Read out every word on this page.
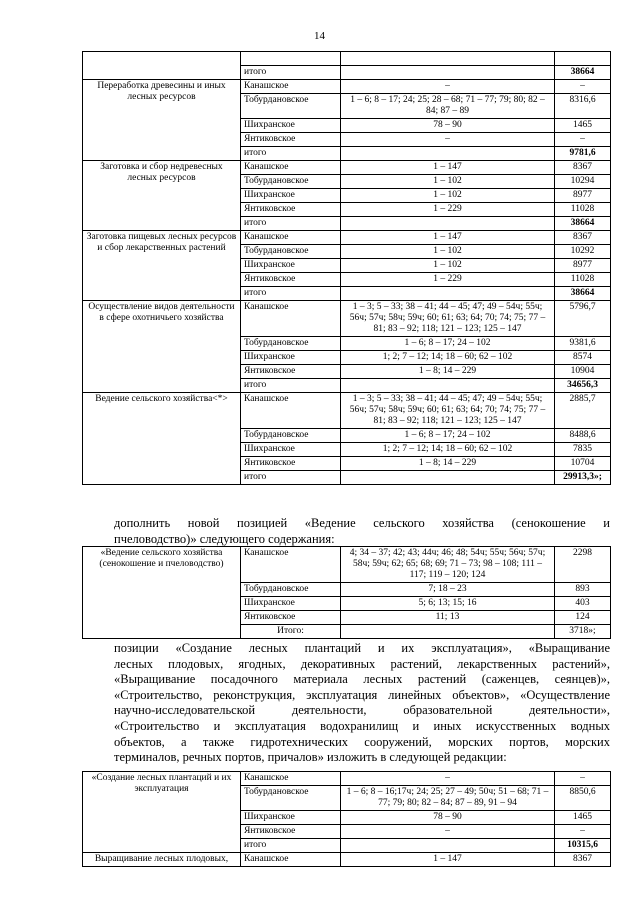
14

	итого		38664
Переработка древесины и иных лесных ресурсов	Канашское	–	–
	Тобурдановское	1 – 6; 8 – 17; 24; 25; 28 – 68; 71 – 77; 79; 80; 82 – 84; 87 – 89	8316,6
	Шихранское	78 – 90	1465
	Янтиковское	–	–
	итого		9781,6
Заготовка и сбор недревесных лесных ресурсов	Канашское	1 – 147	8367
	Тобурдановское	1 – 102	10294
	Шихранское	1 – 102	8977
	Янтиковское	1 – 229	11028
	итого		38664
Заготовка пищевых лесных ресурсов и сбор лекарственных растений	Канашское	1 – 147	8367
	Тобурдановское	1 – 102	10292
	Шихранское	1 – 102	8977
	Янтиковское	1 – 229	11028
	итого		38664
Осуществление видов деятельности в сфере охотничьего хозяйства	Канашское	1 – 3; 5 – 33; 38 – 41; 44 – 45; 47; 49 – 54ч; 55ч; 56ч; 57ч; 58ч; 59ч; 60; 61; 63; 64; 70; 74; 75; 77 – 81; 83 – 92; 118; 121 – 123; 125 – 147	5796,7
	Тобурдановское	1 – 6; 8 – 17; 24 – 102	9381,6
	Шихранское	1; 2; 7 – 12; 14; 18 – 60; 62 – 102	8574
	Янтиковское	1 – 8; 14 – 229	10904
	итого		34656,3
Ведение сельского хозяйства<*>	Канашское	1 – 3; 5 – 33; 38 – 41; 44 – 45; 47; 49 – 54ч; 55ч; 56ч; 57ч; 58ч; 59ч; 60; 61; 63; 64; 70; 74; 75; 77 – 81; 83 – 92; 118; 121 – 123; 125 – 147	2885,7
	Тобурдановское	1 – 6; 8 – 17; 24 – 102	8488,6
	Шихранское	1; 2; 7 – 12; 14; 18 – 60; 62 – 102	7835
	Янтиковское	1 – 8; 14 – 229	10704
	итого		29913,3»;
дополнить новой позицией «Ведение сельского хозяйства (сенокошение и
пчеловодство)» следующего содержания:
«Ведение сельского хозяйства (сенокошение и пчеловодство)	Канашское	4; 34 – 37; 42; 43; 44ч; 46; 48; 54ч; 55ч; 56ч; 57ч; 58ч; 59ч; 62; 65; 68; 69; 71 – 73; 98 – 108; 111 – 117; 119 – 120; 124	2298
	Тобурдановское	7; 18 – 23	893
	Шихранское	5; 6; 13; 15; 16	403
	Янтиковское	11; 13	124
	Итого:		3718»;
позиции «Создание лесных плантаций и их эксплуатация», «Выращивание
лесных плодовых, ягодных, декоративных растений, лекарственных растений»,
«Выращивание посадочного материала лесных растений (саженцев, сеянцев)»,
«Строительство, реконструкция, эксплуатация линейных объектов», «Осуществление
научно-исследовательской деятельности, образовательной деятельности»,
«Строительство и эксплуатация водохранилищ и иных искусственных водных
объектов, а также гидротехнических сооружений, морских портов, морских
терминалов, речных портов, причалов» изложить в следующей редакции:
«Создание лесных плантаций и их эксплуатация	Канашское	–	–
	Тобурдановское	1 – 6; 8 – 16;17ч; 24; 25; 27 – 49; 50ч; 51 – 68; 71 – 77; 79; 80; 82 – 84; 87 – 89, 91 – 94	8850,6
	Шихранское	78 – 90	1465
	Янтиковское	–	–
	итого		10315,6
Выращивание лесных плодовых,	Канашское	1 – 147	8367
